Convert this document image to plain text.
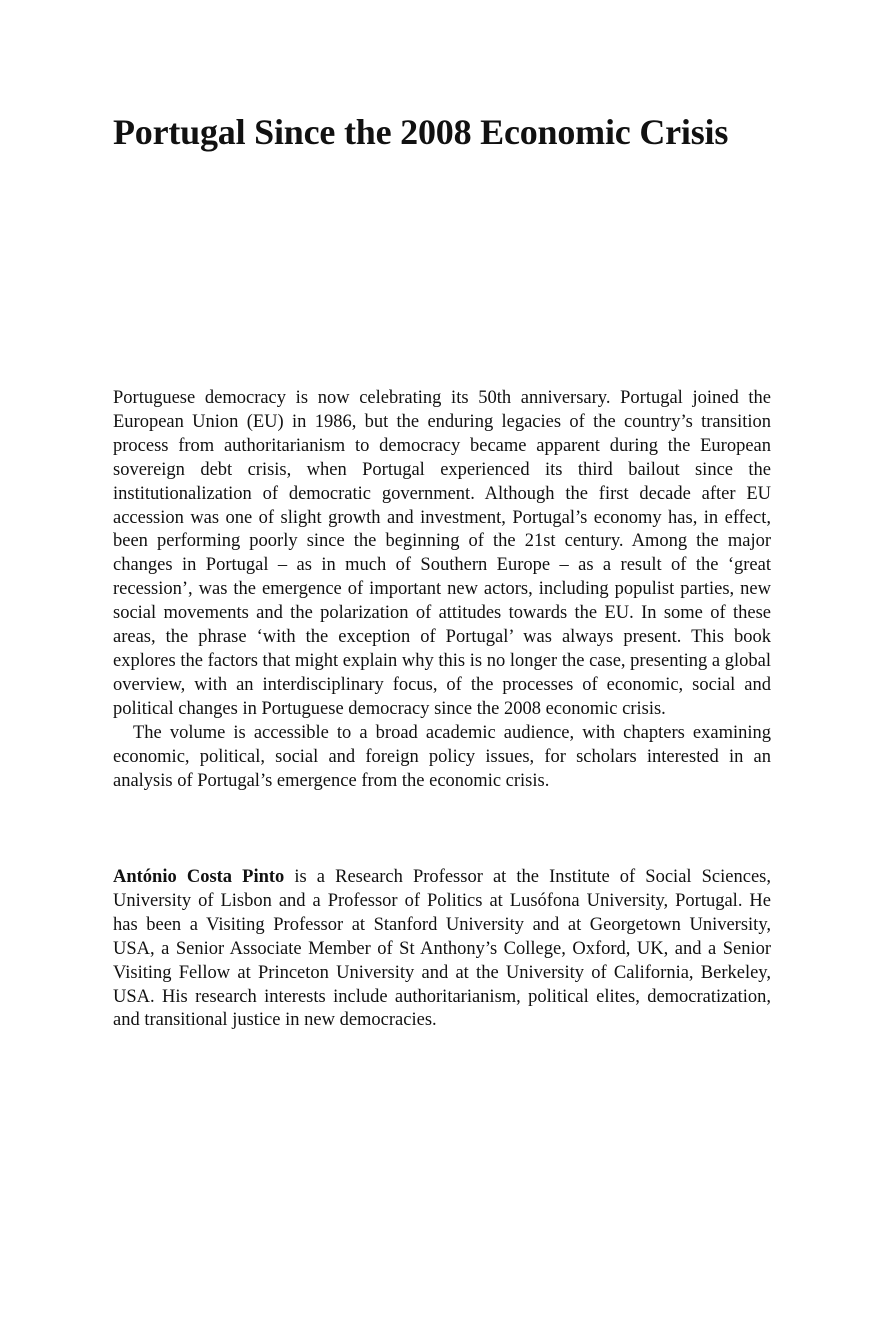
Portugal Since the 2008 Economic Crisis

Portuguese democracy is now celebrating its 50th anniversary. Portugal joined the European Union (EU) in 1986, but the enduring legacies of the country’s transition process from authoritarianism to democracy became apparent during the European sovereign debt crisis, when Portugal experienced its third bailout since the institutionalization of democratic government. Although the first decade after EU accession was one of slight growth and investment, Portugal’s economy has, in effect, been performing poorly since the beginning of the 21st century. Among the major changes in Portugal – as in much of Southern Europe – as a result of the ‘great recession’, was the emergence of important new actors, including populist parties, new social movements and the polarization of attitudes towards the EU. In some of these areas, the phrase ‘with the exception of Portugal’ was always present. This book explores the factors that might explain why this is no longer the case, presenting a global overview, with an interdisciplinary focus, of the processes of economic, social and political changes in Portuguese democracy since the 2008 economic crisis.

The volume is accessible to a broad academic audience, with chapters examining economic, political, social and foreign policy issues, for scholars interested in an analysis of Portugal’s emergence from the economic crisis.

António Costa Pinto is a Research Professor at the Institute of Social Sciences, University of Lisbon and a Professor of Politics at Lusófona University, Portugal. He has been a Visiting Professor at Stanford University and at Georgetown University, USA, a Senior Associate Member of St Anthony’s College, Oxford, UK, and a Senior Visiting Fellow at Princeton University and at the University of California, Berkeley, USA. His research interests include authoritarianism, political elites, democratization, and transitional justice in new democracies.
